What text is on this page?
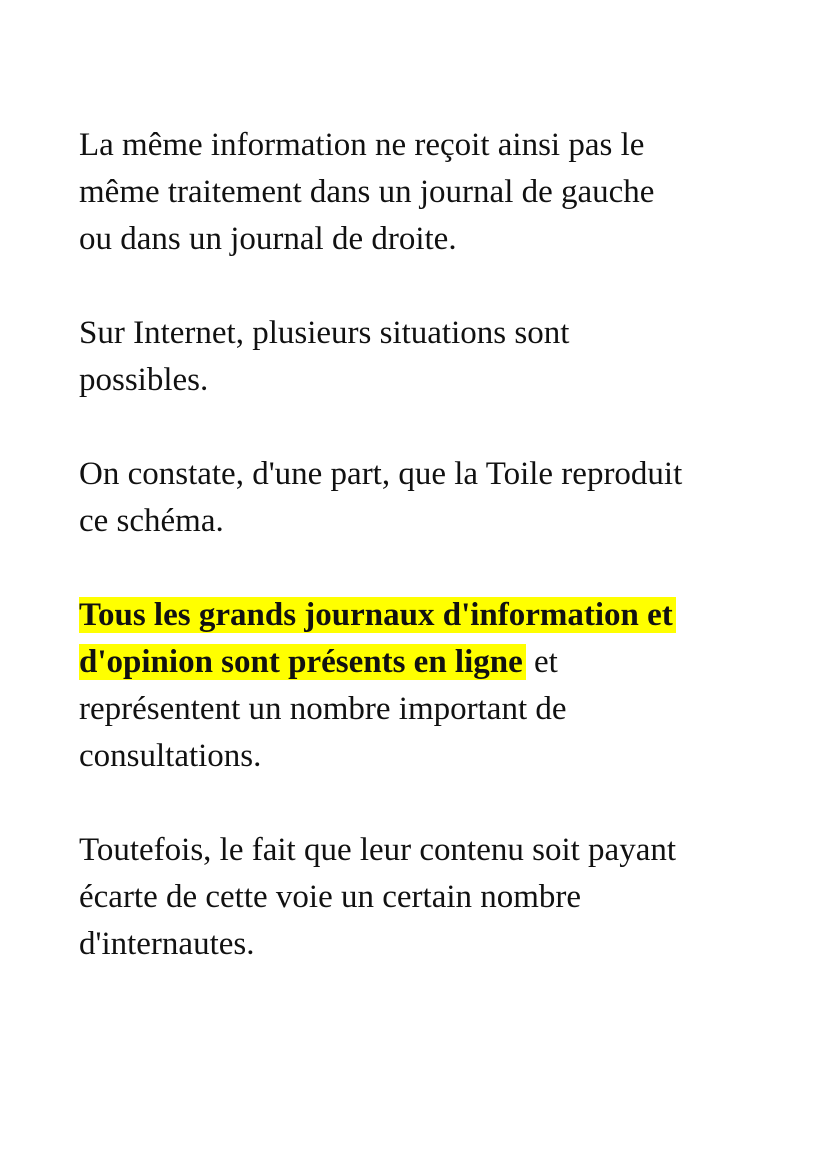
La même information ne reçoit ainsi pas le
même traitement dans un journal de gauche
ou dans un journal de droite.

Sur Internet, plusieurs situations sont
possibles.

On constate, d'une part, que la Toile reproduit
ce schéma.

Tous les grands journaux d'information et
d'opinion sont présents en ligne et
représentent un nombre important de
consultations.

Toutefois, le fait que leur contenu soit payant
écarte de cette voie un certain nombre
d'internautes.
